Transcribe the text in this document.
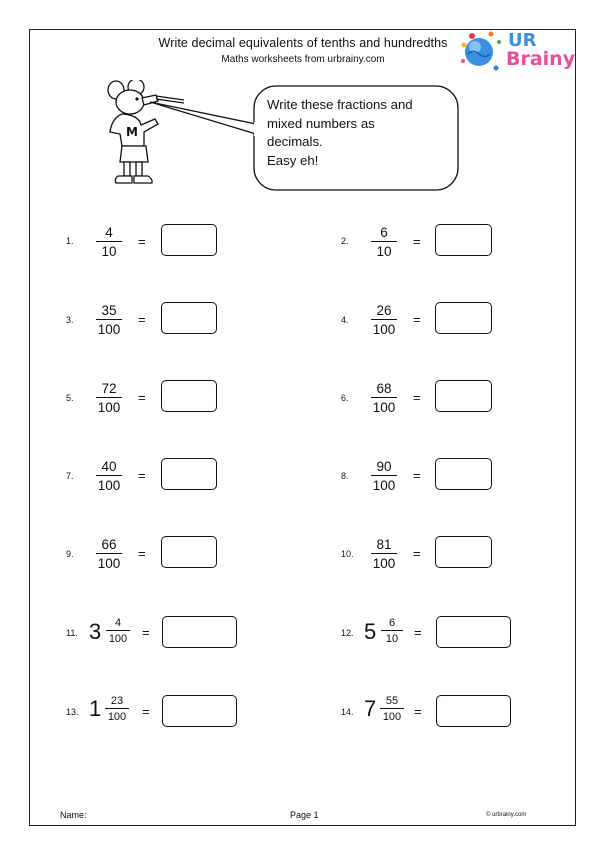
Write decimal equivalents of tenths and hundredths
Maths worksheets from urbrainy.com
UR
Brainy
M
Write these fractions and
mixed numbers as
decimals.
Easy eh!
1. $\frac{4}{10}$ =	2. $\frac{6}{10}$ =
3. $\frac{35}{100}$ =	4. $\frac{26}{100}$ =
5. $\frac{72}{100}$ =	6. $\frac{68}{100}$ =
7. $\frac{40}{100}$ =	8. $\frac{90}{100}$ =
9. $\frac{66}{100}$ =	10. $\frac{81}{100}$ =
11. $3 \frac{4}{100}$ =	12. $5 \frac{6}{10}$ =
13. $1 \frac{23}{100}$ =	14. $7 \frac{55}{100}$ =
Name:	Page 1	© urbrainy.com
